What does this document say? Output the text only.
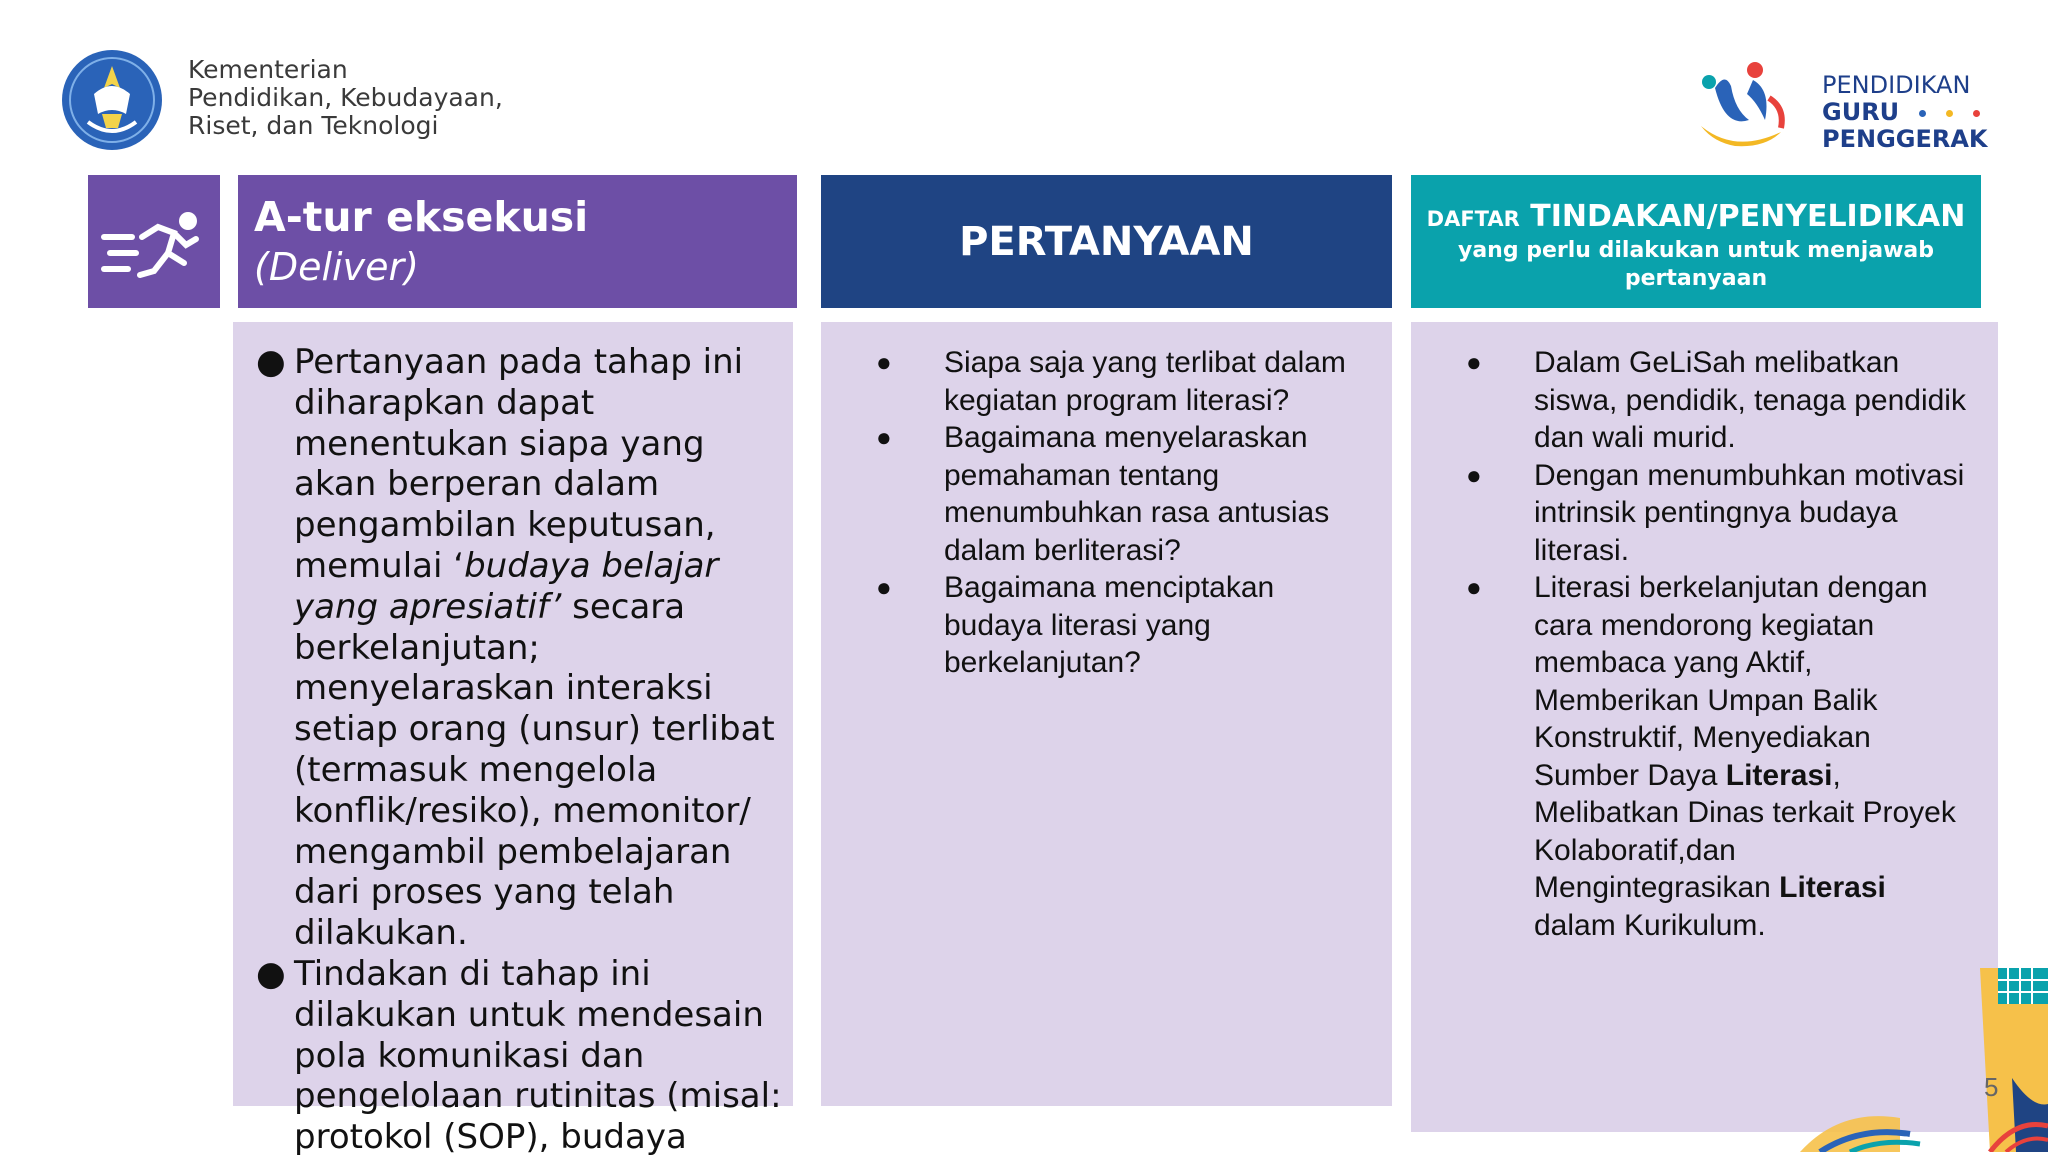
Kementerian
Pendidikan, Kebudayaan,
Riset, dan Teknologi
PENDIDIKAN
GURU
PENGGERAK
A-tur eksekusi
(Deliver)
PERTANYAAN	DAFTAR TINDAKAN/PENYELIDIKAN
yang perlu dilakukan untuk menjawab pertanyaan

● Pertanyaan pada tahap ini diharapkan dapat menentukan siapa yang akan berperan dalam pengambilan keputusan, memulai ‘budaya belajar yang apresiatif’ secara berkelanjutan; menyelaraskan interaksi setiap orang (unsur) terlibat (termasuk mengelola konflik/resiko), memonitor/ mengambil pembelajaran dari proses yang telah dilakukan.

● Tindakan di tahap ini dilakukan untuk mendesain pola komunikasi dan pengelolaan rutinitas (misal: protokol (SOP), budaya

● Siapa saja yang terlibat dalam kegiatan program literasi?

● Bagaimana menyelaraskan pemahaman tentang menumbuhkan rasa antusias dalam berliterasi?

● Bagaimana menciptakan budaya literasi yang berkelanjutan?

● Dalam GeLiSah melibatkan siswa, pendidik, tenaga pendidik dan wali murid.

● Dengan menumbuhkan motivasi intrinsik pentingnya budaya literasi.

● Literasi berkelanjutan dengan cara mendorong kegiatan membaca yang Aktif, Memberikan Umpan Balik Konstruktif, Menyediakan Sumber Daya Literasi, Melibatkan Dinas terkait Proyek Kolaboratif,dan Mengintegrasikan Literasi dalam Kurikulum.

5
